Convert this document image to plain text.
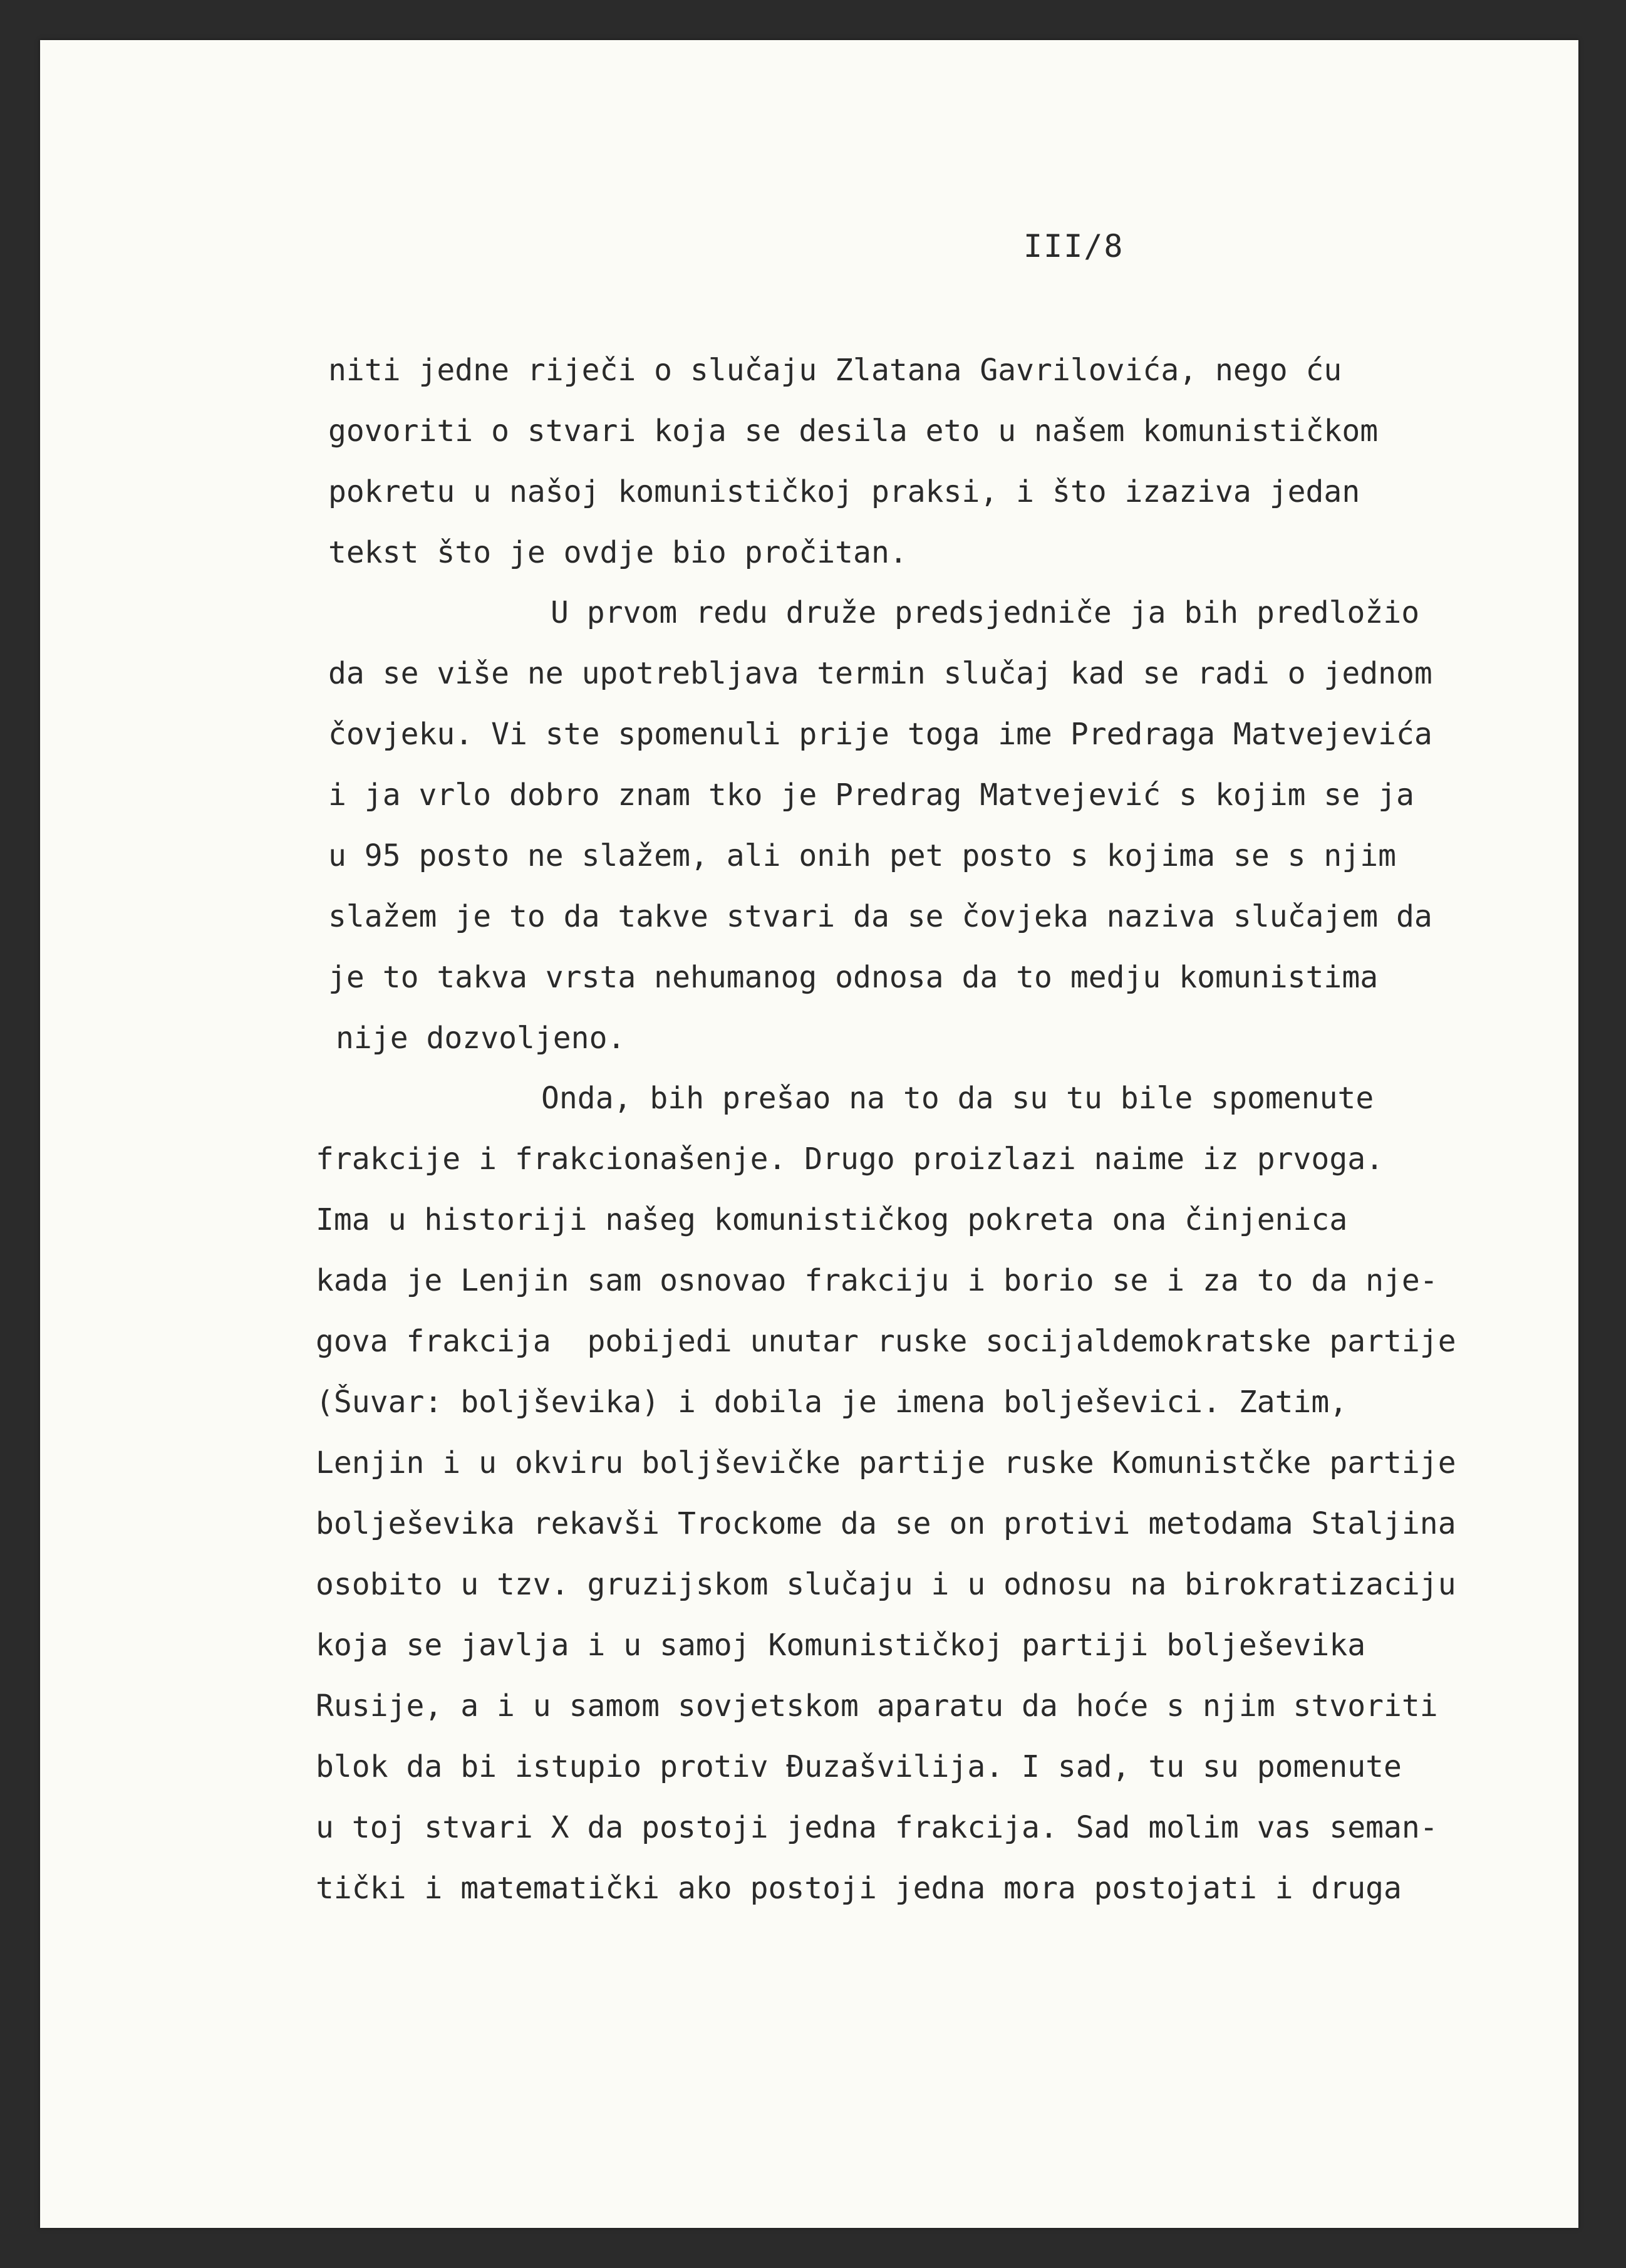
III/8
niti jedne riječi o slučaju Zlatana Gavrilovića, nego ću
govoriti o stvari koja se desila eto u našem komunističkom
pokretu u našoj komunističkoj praksi, i što izaziva jedan
tekst što je ovdje bio pročitan.
U prvom redu druže predsjedniče ja bih predložio
da se više ne upotrebljava termin slučaj kad se radi o jednom
čovjeku. Vi ste spomenuli prije toga ime Predraga Matvejevića
i ja vrlo dobro znam tko je Predrag Matvejević s kojim se ja
u 95 posto ne slažem, ali onih pet posto s kojima se s njim
slažem je to da takve stvari da se čovjeka naziva slučajem da
je to takva vrsta nehumanog odnosa da to medju komunistima
nije dozvoljeno.
Onda, bih prešao na to da su tu bile spomenute
frakcije i frakcionašenje. Drugo proizlazi naime iz prvoga.
Ima u historiji našeg komunističkog pokreta ona činjenica
kada je Lenjin sam osnovao frakciju i borio se i za to da nje-
gova frakcija  pobijedi unutar ruske socijaldemokratske partije
(Šuvar: boljševika) i dobila je imena bolješevici. Zatim,
Lenjin i u okviru boljševičke partije ruske Komunistčke partije
bolješevika rekavši Trockome da se on protivi metodama Staljina
osobito u tzv. gruzijskom slučaju i u odnosu na birokratizaciju
koja se javlja i u samoj Komunističkoj partiji bolješevika
Rusije, a i u samom sovjetskom aparatu da hoće s njim stvoriti
blok da bi istupio protiv Đuzašvilija. I sad, tu su pomenute
u toj stvari X da postoji jedna frakcija. Sad molim vas seman-
tički i matematički ako postoji jedna mora postojati i druga
